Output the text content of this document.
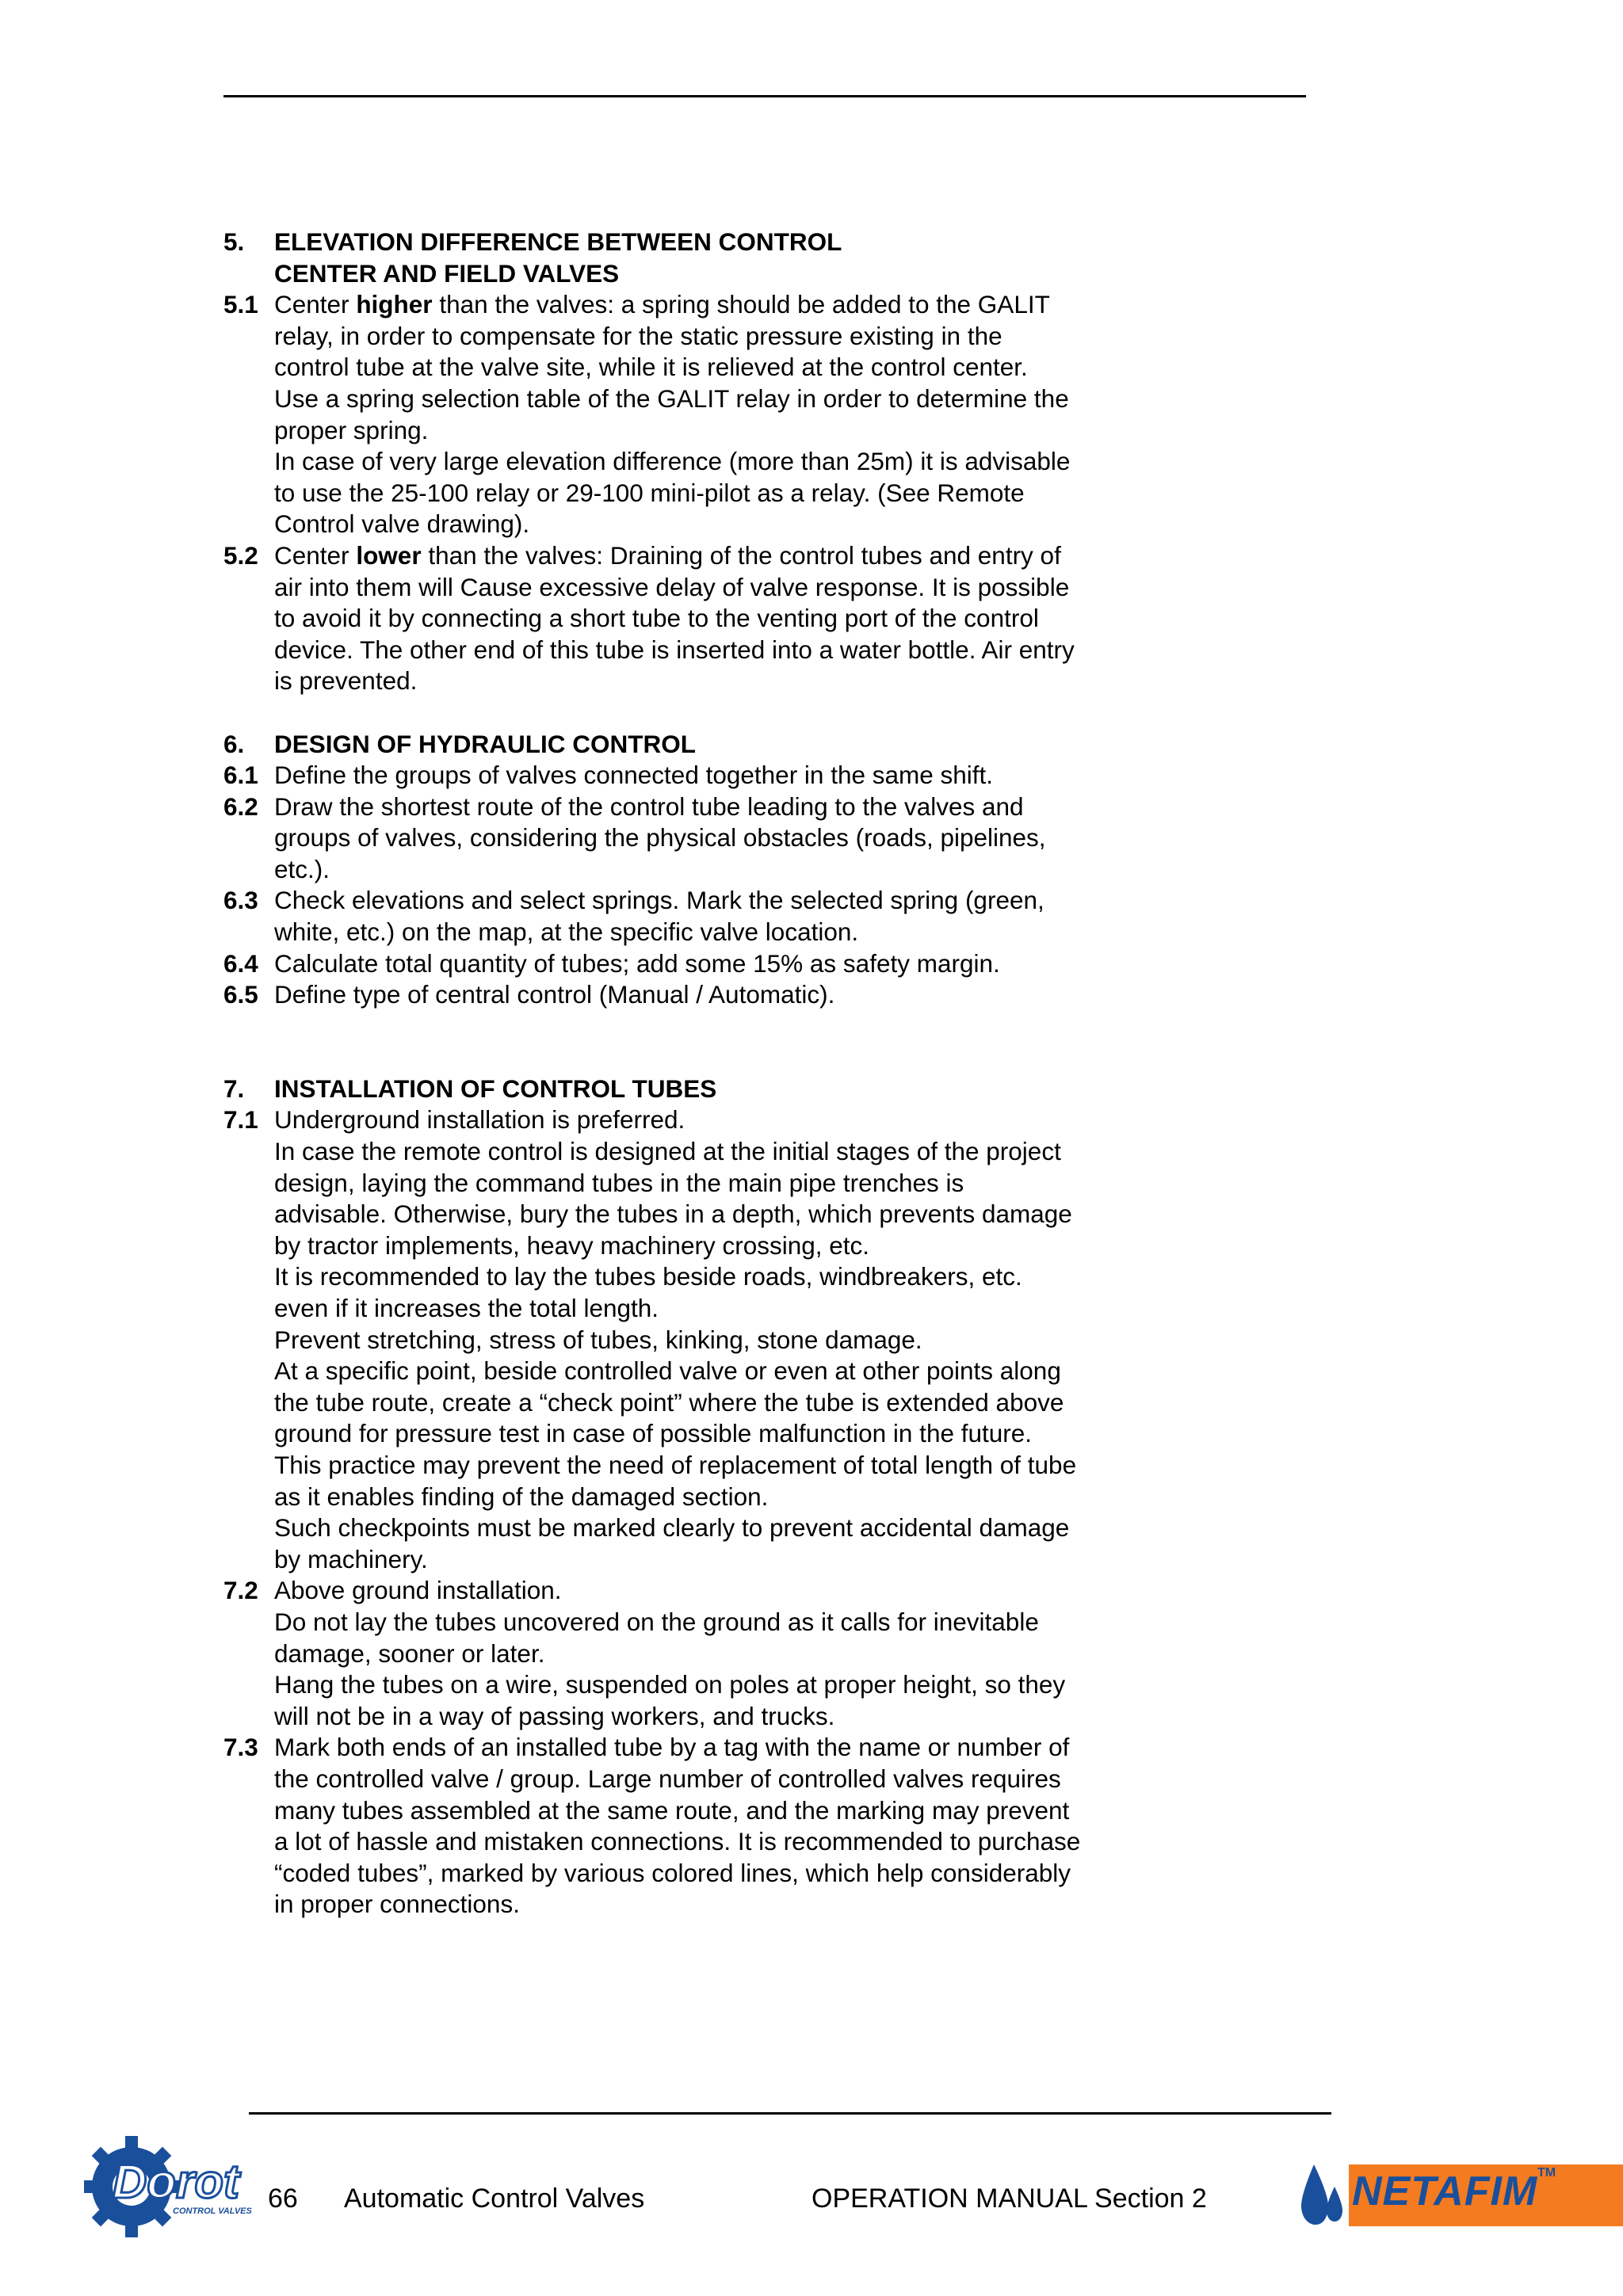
5. ELEVATION DIFFERENCE BETWEEN CONTROL
CENTER AND FIELD VALVES
5.1 Center higher than the valves: a spring should be added to the GALIT
relay, in order to compensate for the static pressure existing in the
control tube at the valve site, while it is relieved at the control center.
Use a spring selection table of the GALIT relay in order to determine the
proper spring.
In case of very large elevation difference (more than 25m) it is advisable
to use the 25-100 relay or 29-100 mini-pilot as a relay. (See Remote
Control valve drawing).
5.2 Center lower than the valves: Draining of the control tubes and entry of
air into them will Cause excessive delay of valve response. It is possible
to avoid it by connecting a short tube to the venting port of the control
device. The other end of this tube is inserted into a water bottle. Air entry
is prevented.
6. DESIGN OF HYDRAULIC CONTROL
6.1 Define the groups of valves connected together in the same shift.
6.2 Draw the shortest route of the control tube leading to the valves and
groups of valves, considering the physical obstacles (roads, pipelines,
etc.).
6.3 Check elevations and select springs. Mark the selected spring (green,
white, etc.) on the map, at the specific valve location.
6.4 Calculate total quantity of tubes; add some 15% as safety margin.
6.5 Define type of central control (Manual / Automatic).
7. INSTALLATION OF CONTROL TUBES
7.1 Underground installation is preferred.
In case the remote control is designed at the initial stages of the project
design, laying the command tubes in the main pipe trenches is
advisable. Otherwise, bury the tubes in a depth, which prevents damage
by tractor implements, heavy machinery crossing, etc.
It is recommended to lay the tubes beside roads, windbreakers, etc.
even if it increases the total length.
Prevent stretching, stress of tubes, kinking, stone damage.
At a specific point, beside controlled valve or even at other points along
the tube route, create a “check point” where the tube is extended above
ground for pressure test in case of possible malfunction in the future.
This practice may prevent the need of replacement of total length of tube
as it enables finding of the damaged section.
Such checkpoints must be marked clearly to prevent accidental damage
by machinery.
7.2 Above ground installation.
Do not lay the tubes uncovered on the ground as it calls for inevitable
damage, sooner or later.
Hang the tubes on a wire, suspended on poles at proper height, so they
will not be in a way of passing workers, and trucks.
7.3 Mark both ends of an installed tube by a tag with the name or number of
the controlled valve / group. Large number of controlled valves requires
many tubes assembled at the same route, and the marking may prevent
a lot of hassle and mistaken connections. It is recommended to purchase
“coded tubes”, marked by various colored lines, which help considerably
in proper connections.
Dorot
CONTROL VALVES 66 Automatic Control Valves	OPERATION MANUAL Section 2	NETAFIM TM
